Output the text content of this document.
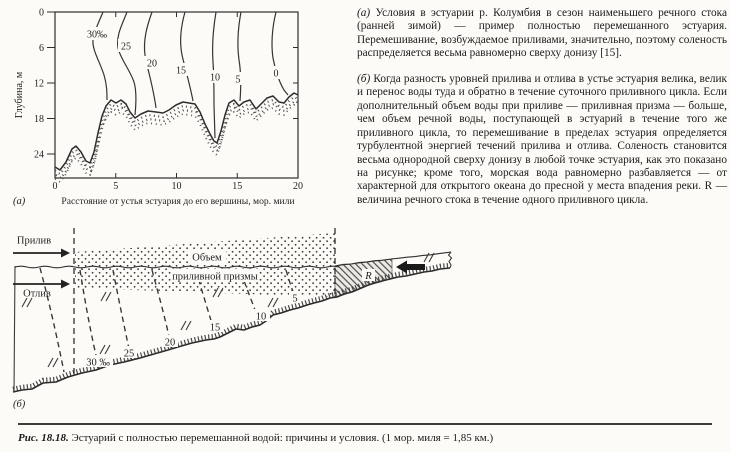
0
6
12
18
24
Глубина, м
30‰
25
20
15
10 5
0
0	5	10	15	20
Расстояние от устья эстуария до его вершины, мор. мили
(а)

(а) Условия в эстуарии р. Колумбия в сезон наименьшего речного стока (ранней зимой) — пример полностью перемешанного эстуария. Перемешивание, возбуждаемое приливами, значительно, поэтому соленость распределяется весьма равномерно сверху донизу [15].

(б) Когда разность уровней прилива и отлива в устье эстуария велика, велик и перенос воды туда и обратно в течение суточного приливного цикла. Если дополнительный объем воды при приливе — приливная призма — больше, чем объем речной воды, поступающей в эстуарий в течение того же приливного цикла, то перемешивание в пределах эстуария определяется турбулентной энергией течений прилива и отлива. Соленость становится весьма однородной сверху донизу в любой точке эстуария, как это показано на рисунке; кроме того, морская вода равномерно разбавляется — от характерной для открытого океана до пресной у места впадения реки. R — величина речного стока в течение одного приливного цикла.

Прилив
Отлив
R
Объем
приливной призмы
30 ‰
25
20
15
10
5
(б)
Рис. 18.18. Эстуарий с полностью перемешанной водой: причины и условия. (1 мор. миля = 1,85 км.)
